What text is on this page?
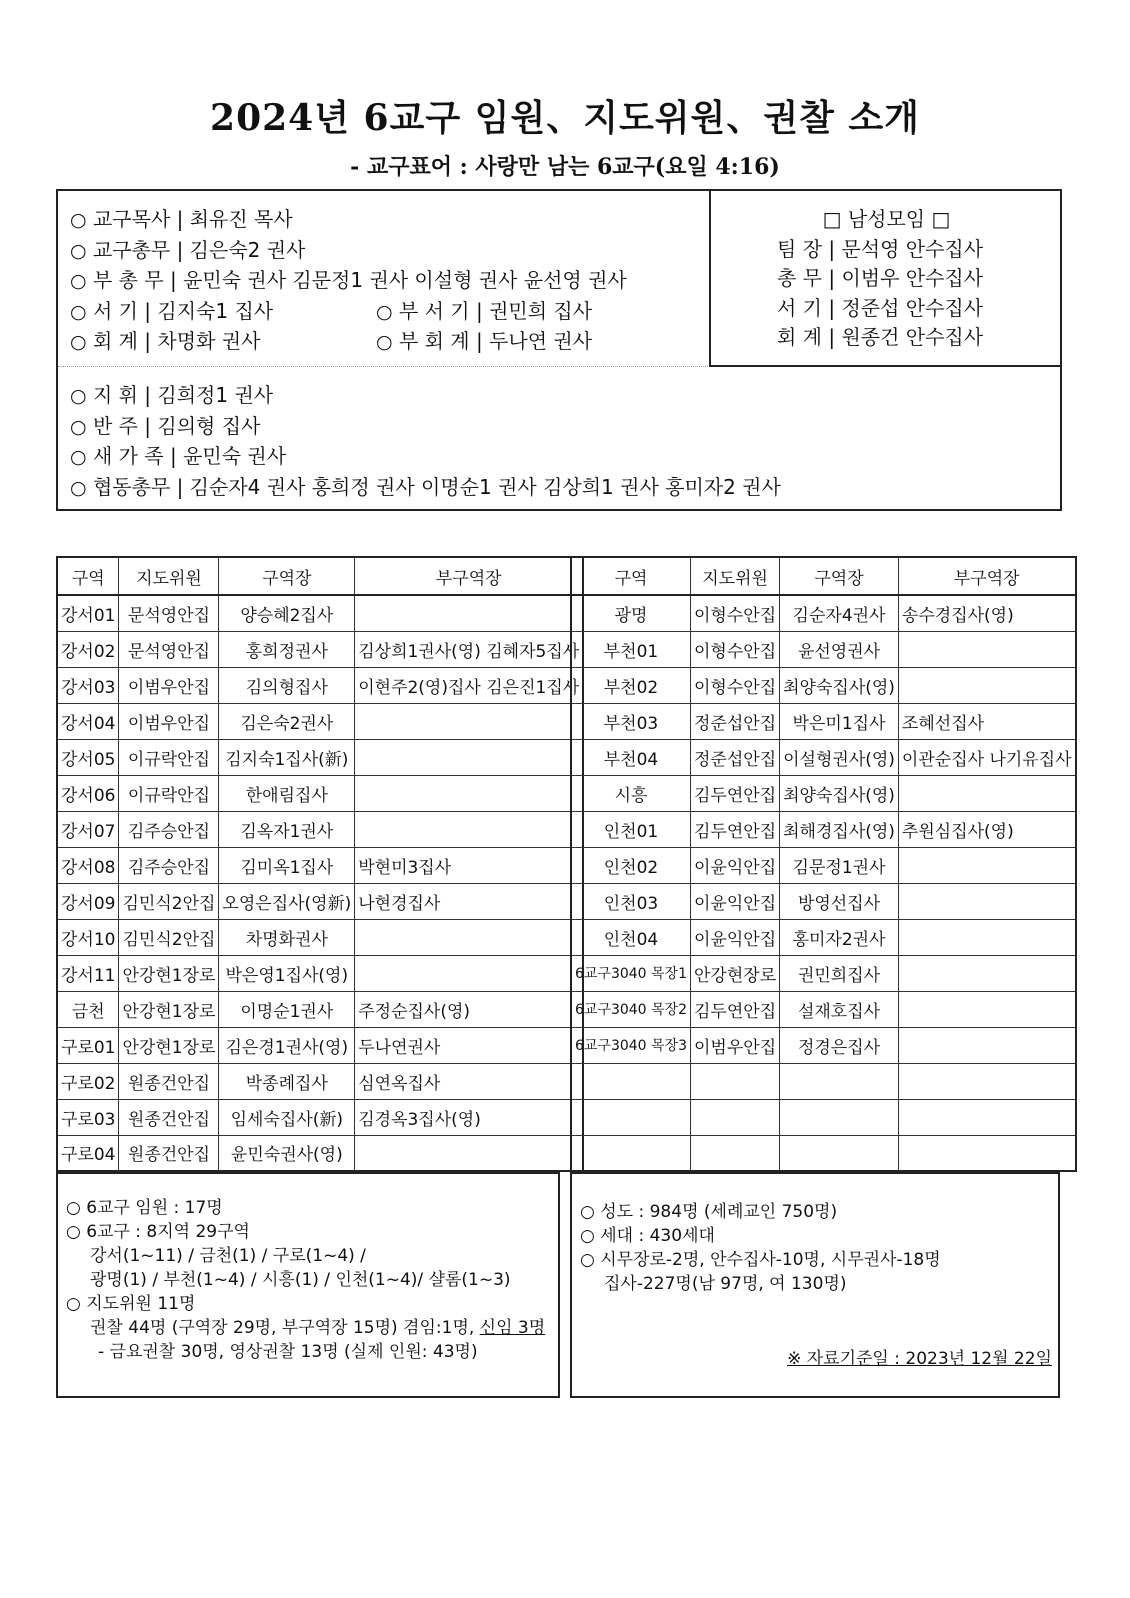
2024년 6교구 임원、지도위원、권찰 소개
- 교구표어 : 사랑만 남는 6교구(요일 4:16)
○ 교구목사 | 최유진 목사
○ 교구총무 | 김은숙2 권사
○ 부 총 무 | 윤민숙 권사 김문정1 권사 이설형 권사 윤선영 권사
○ 서 기 | 김지숙1 집사	○ 부 서 기 | 권민희 집사
○ 회 계 | 차명화 권사	○ 부 회 계 | 두나연 권사
□ 남성모임 □
팀 장 | 문석영 안수집사
총 무 | 이범우 안수집사
서 기 | 정준섭 안수집사
회 계 | 원종건 안수집사
○ 지 휘 | 김희정1 권사
○ 반 주 | 김의형 집사
○ 새 가 족 | 윤민숙 권사
○ 협동총무 | 김순자4 권사 홍희정 권사 이명순1 권사 김상희1 권사 홍미자2 권사
구역	지도위원	구역장	부구역장
강서01	문석영안집	양승혜2집사	
강서02	문석영안집	홍희정권사	김상희1권사(영) 김혜자5집사
강서03	이범우안집	김의형집사	이현주2(영)집사 김은진1집사
강서04	이범우안집	김은숙2권사	
강서05	이규락안집	김지숙1집사(新)	
강서06	이규락안집	한애림집사	
강서07	김주승안집	김옥자1권사	
강서08	김주승안집	김미옥1집사	박현미3집사
강서09	김민식2안집	오영은집사(영新)	나현경집사
강서10	김민식2안집	차명화권사	
강서11	안강현1장로	박은영1집사(영)	
금천	안강현1장로	이명순1권사	주정순집사(영)
구로01	안강현1장로	김은경1권사(영)	두나연권사
구로02	원종건안집	박종례집사	심연옥집사
구로03	원종건안집	임세숙집사(新)	김경옥3집사(영)
구로04	원종건안집	윤민숙권사(영)	
구역	지도위원	구역장	부구역장
광명	이형수안집	김순자4권사	송수경집사(영)
부천01	이형수안집	윤선영권사	
부천02	이형수안집	최양숙집사(영)	
부천03	정준섭안집	박은미1집사	조혜선집사
부천04	정준섭안집	이설형권사(영)	이관순집사 나기유집사
시흥	김두연안집	최양숙집사(영)	
인천01	김두연안집	최해경집사(영)	추원심집사(영)
인천02	이윤익안집	김문정1권사	
인천03	이윤익안집	방영선집사	
인천04	이윤익안집	홍미자2권사	
6교구3040 목장1	안강현장로	권민희집사	
6교구3040 목장2	김두연안집	설재호집사	
6교구3040 목장3	이범우안집	정경은집사	

○ 6교구 임원 : 17명
○ 6교구 : 8지역 29구역
강서(1~11) / 금천(1) / 구로(1~4) /
광명(1) / 부천(1~4) / 시흥(1) / 인천(1~4)/ 샬롬(1~3)
○ 지도위원 11명
권찰 44명 (구역장 29명, 부구역장 15명) 겸임:1명, 신임 3명
- 금요권찰 30명, 영상권찰 13명 (실제 인원: 43명)
○ 성도 : 984명 (세례교인 750명)
○ 세대 : 430세대
○ 시무장로-2명, 안수집사-10명, 시무권사-18명
집사-227명(남 97명, 여 130명)
※ 자료기준일 : 2023년 12월 22일
